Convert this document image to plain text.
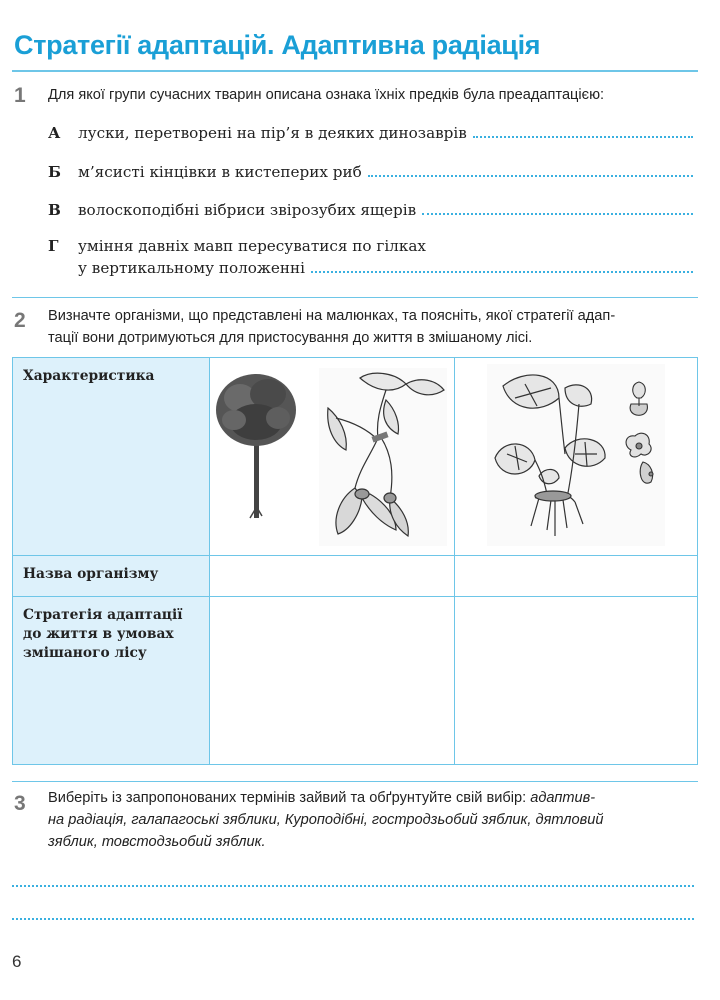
Стратегії адаптацій. Адаптивна радіація
1 Для якої групи сучасних тварин описана ознака їхніх предків була преадаптацією:
А	луски, перетворені на пір’я в деяких динозаврів
Б	м’ясисті кінцівки в кистеперих риб
В	волоскоподібні вібриси звірозубих ящерів
Г уміння давніх мавп пересуватися по гілках
у вертикальному положенні
2 Визначте організми, що представлені на малюнках, та поясніть, якої стратегії адап-
тації вони дотримуються для пристосування до життя в змішаному лісі.
Характеристика	

Назва організму		

Стратегія адаптації
до життя в умовах
змішаного лісу		

3 Виберіть із запропонованих термінів зайвий та обґрунтуйте свій вибір: адаптив-
на радіація, галапагоські зяблики, Куроподібні, гостродзьобий зяблик, дятловий
зяблик, товстодзьобий зяблик.
6
